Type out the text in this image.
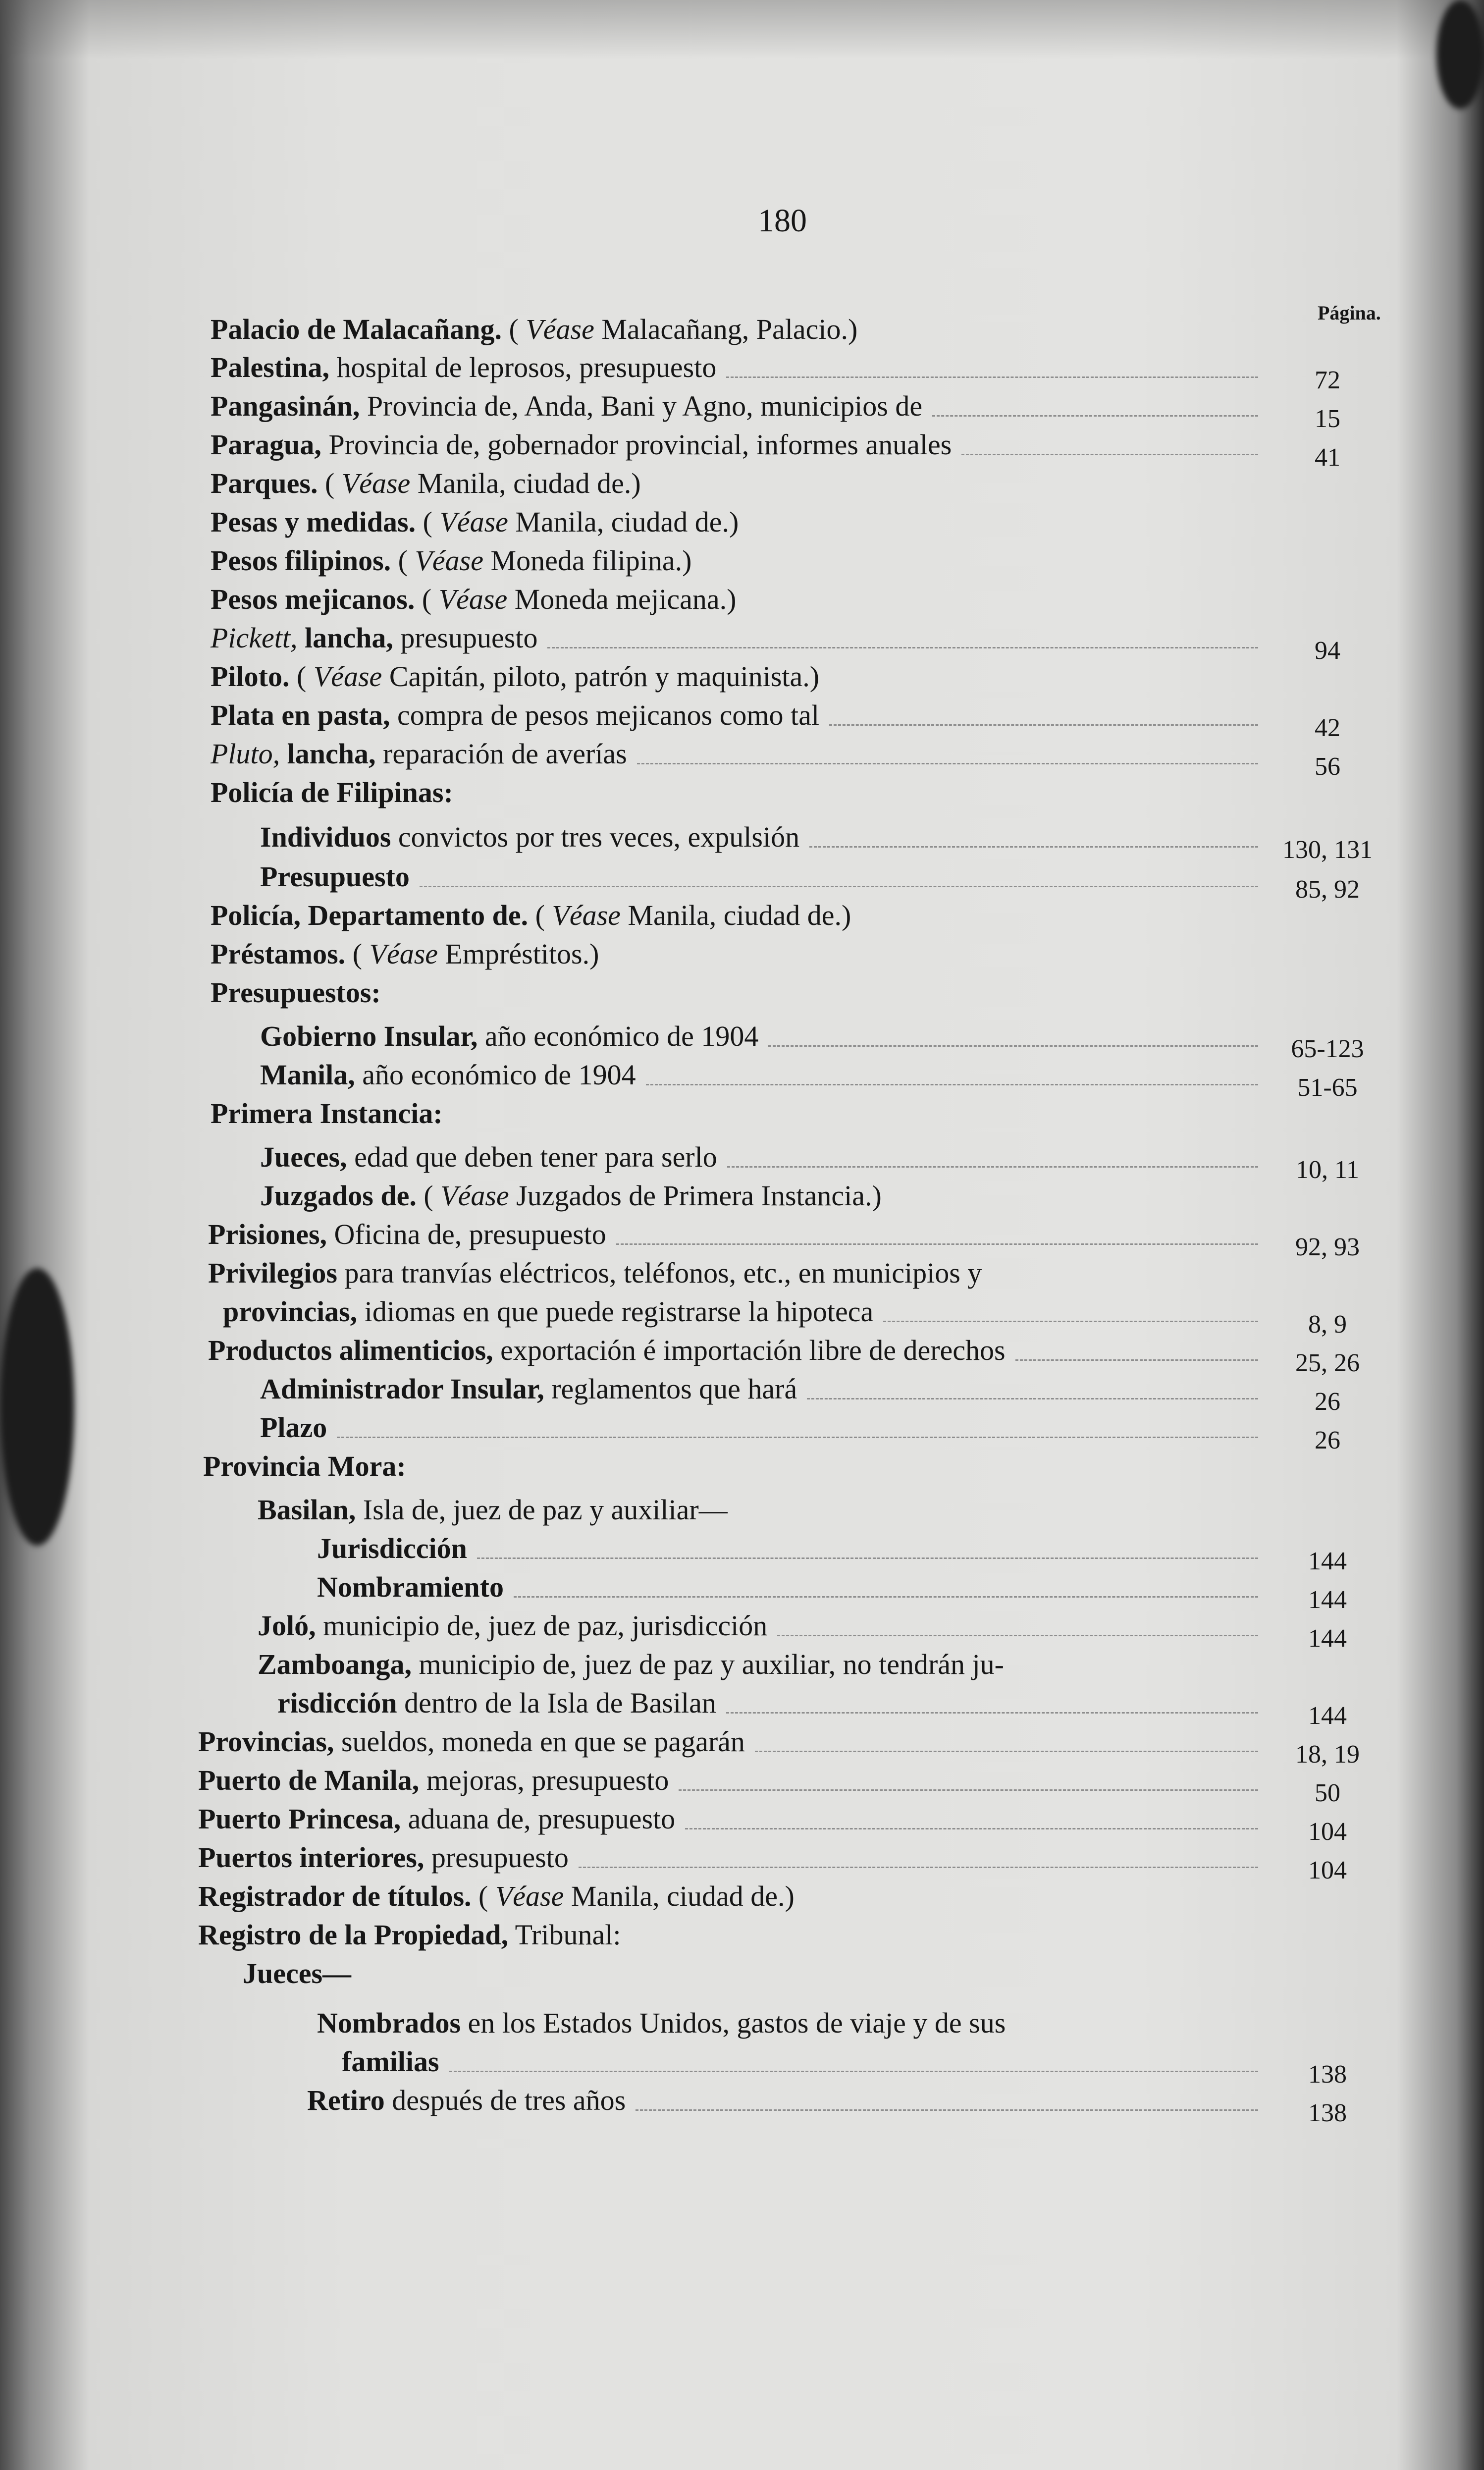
180
Página.
Palacio de Malacañang. ( Véase Malacañang, Palacio.)
Palestina, hospital de leprosos, presupuesto	72
Pangasinán, Provincia de, Anda, Bani y Agno, municipios de	15
Paragua, Provincia de, gobernador provincial, informes anuales	41
Parques. ( Véase Manila, ciudad de.)
Pesas y medidas. ( Véase Manila, ciudad de.)
Pesos filipinos. ( Véase Moneda filipina.)
Pesos mejicanos. ( Véase Moneda mejicana.)
Pickett, lancha, presupuesto	94
Piloto. ( Véase Capitán, piloto, patrón y maquinista.)
Plata en pasta, compra de pesos mejicanos como tal	42
Pluto, lancha, reparación de averías	56
Policía de Filipinas:
Individuos convictos por tres veces, expulsión	130, 131
Presupuesto	85, 92
Policía, Departamento de. ( Véase Manila, ciudad de.)
Préstamos. ( Véase Empréstitos.)
Presupuestos:
Gobierno Insular, año económico de 1904	65-123
Manila, año económico de 1904	51-65
Primera Instancia:
Jueces, edad que deben tener para serlo	10, 11
Juzgados de. ( Véase Juzgados de Primera Instancia.)
Prisiones, Oficina de, presupuesto	92, 93
Privilegios para tranvías eléctricos, teléfonos, etc., en municipios y
provincias, idiomas en que puede registrarse la hipoteca	8, 9
Productos alimenticios, exportación é importación libre de derechos	25, 26
Administrador Insular, reglamentos que hará	26
Plazo	26
Provincia Mora:
Basilan, Isla de, juez de paz y auxiliar—
Jurisdicción	144
Nombramiento	144
Joló, municipio de, juez de paz, jurisdicción	144
Zamboanga, municipio de, juez de paz y auxiliar, no tendrán ju-
risdicción dentro de la Isla de Basilan	144
Provincias, sueldos, moneda en que se pagarán	18, 19
Puerto de Manila, mejoras, presupuesto	50
Puerto Princesa, aduana de, presupuesto	104
Puertos interiores, presupuesto	104
Registrador de títulos. ( Véase Manila, ciudad de.)
Registro de la Propiedad, Tribunal:
Jueces—
Nombrados en los Estados Unidos, gastos de viaje y de sus
familias	138
Retiro después de tres años	138
